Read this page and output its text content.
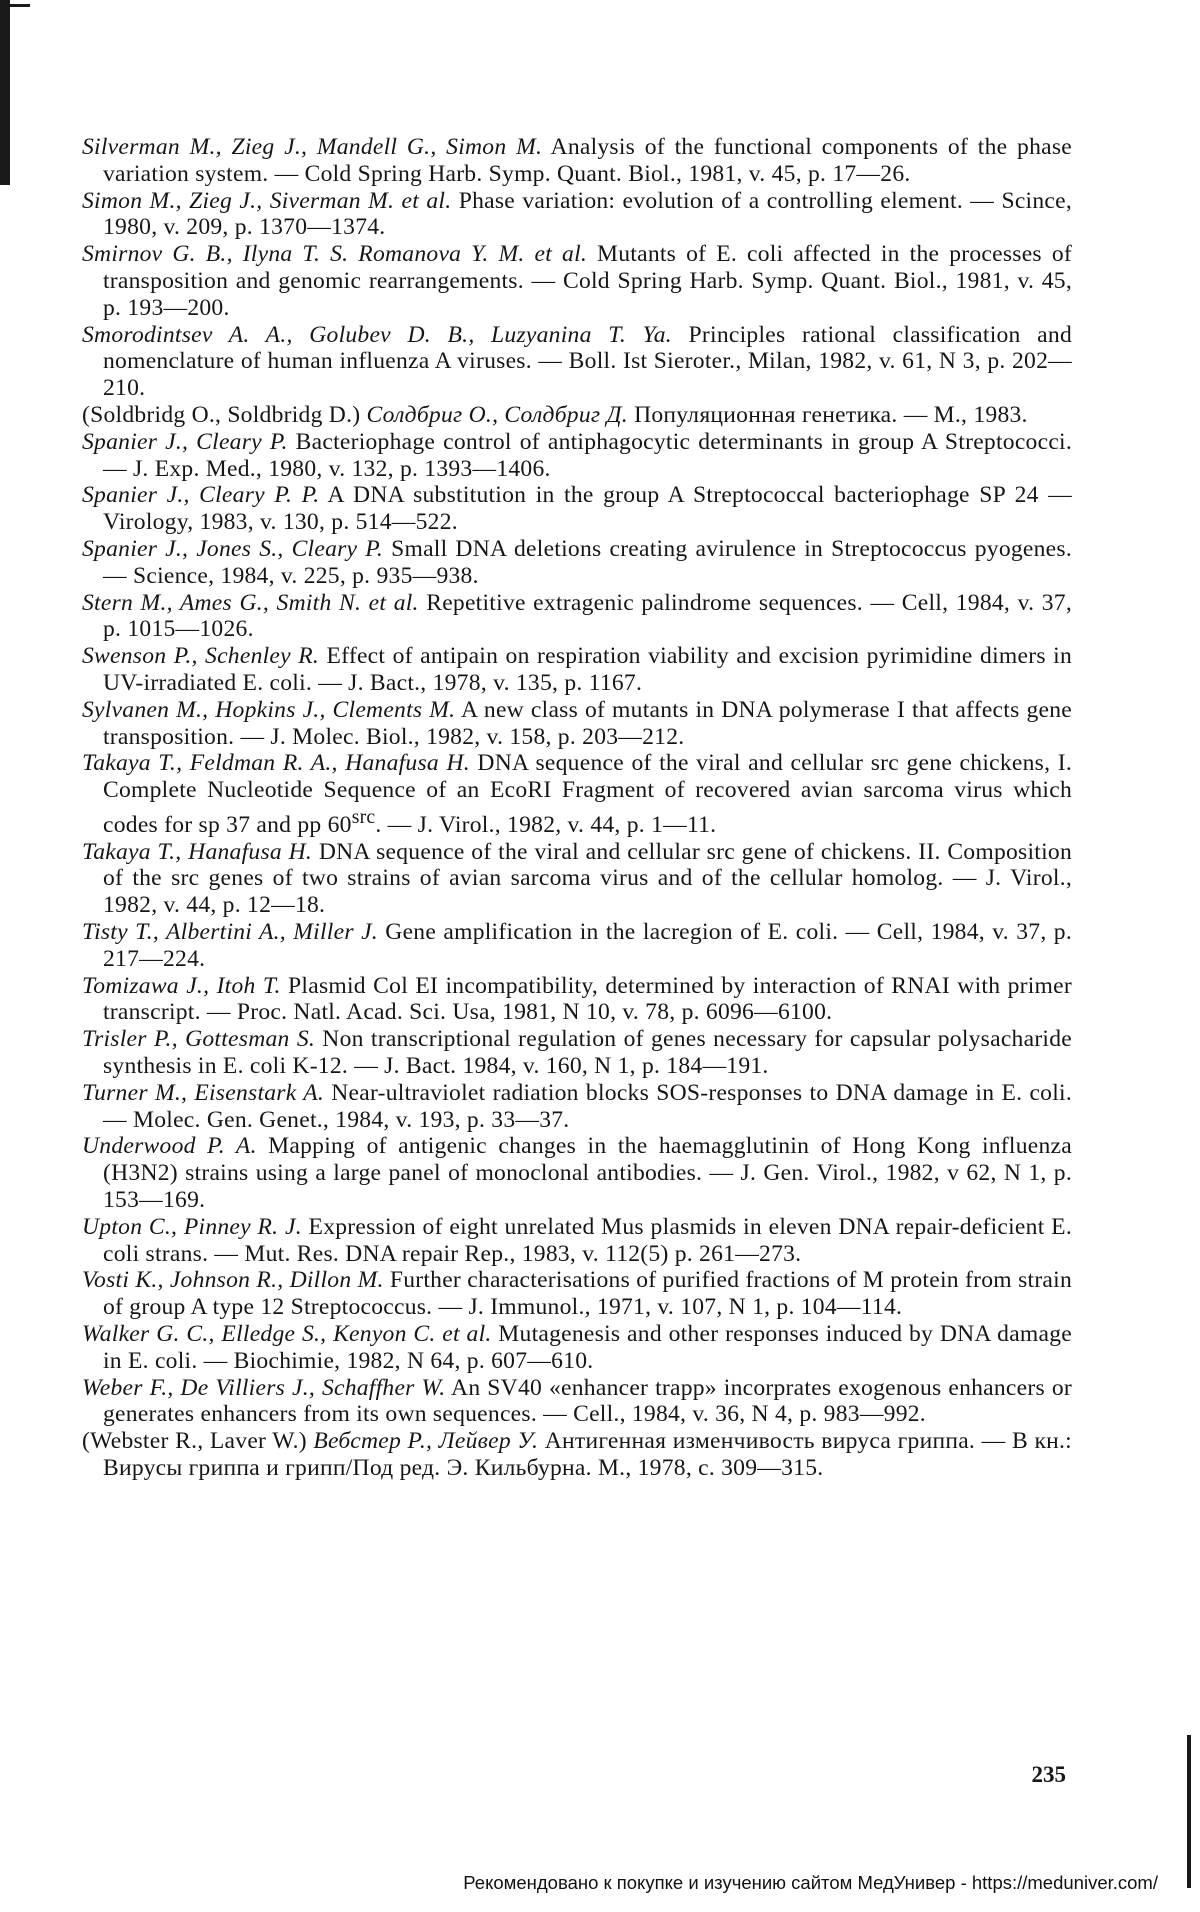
Silverman M., Zieg J., Mandell G., Simon M. Analysis of the functional components of the phase variation system. — Cold Spring Harb. Symp. Quant. Biol., 1981, v. 45, p. 17—26.

Simon M., Zieg J., Siverman M. et al. Phase variation: evolution of a controlling element. — Scince, 1980, v. 209, p. 1370—1374.

Smirnov G. B., Ilyna T. S. Romanova Y. M. et al. Mutants of E. coli affected in the processes of transposition and genomic rearrangements. — Cold Spring Harb. Symp. Quant. Biol., 1981, v. 45, p. 193—200.

Smorodintsev A. A., Golubev D. B., Luzyanina T. Ya. Principles rational classification and nomenclature of human influenza A viruses. — Boll. Ist Sieroter., Milan, 1982, v. 61, N 3, p. 202—210.

(Soldbridg O., Soldbridg D.) Солдбриг О., Солдбриг Д. Популяционная генетика. — М., 1983.

Spanier J., Cleary P. Bacteriophage control of antiphagocytic determinants in group A Streptococci. — J. Exp. Med., 1980, v. 132, p. 1393—1406.

Spanier J., Cleary P. P. A DNA substitution in the group A Streptococcal bacteriophage SP 24 — Virology, 1983, v. 130, p. 514—522.

Spanier J., Jones S., Cleary P. Small DNA deletions creating avirulence in Streptococcus pyogenes. — Science, 1984, v. 225, p. 935—938.

Stern M., Ames G., Smith N. et al. Repetitive extragenic palindrome sequences. — Cell, 1984, v. 37, p. 1015—1026.

Swenson P., Schenley R. Effect of antipain on respiration viability and excision pyrimidine dimers in UV-irradiated E. coli. — J. Bact., 1978, v. 135, p. 1167.

Sylvanen M., Hopkins J., Clements M. A new class of mutants in DNA polymerase I that affects gene transposition. — J. Molec. Biol., 1982, v. 158, p. 203—212.

Takaya T., Feldman R. A., Hanafusa H. DNA sequence of the viral and cellular src gene chickens, I. Complete Nucleotide Sequence of an EcoRI Fragment of recovered avian sarcoma virus which codes for sp 37 and pp $60^{src}$. — J. Virol., 1982, v. 44, p. 1—11.

Takaya T., Hanafusa H. DNA sequence of the viral and cellular src gene of chickens. II. Composition of the src genes of two strains of avian sarcoma virus and of the cellular homolog. — J. Virol., 1982, v. 44, p. 12—18.

Tisty T., Albertini A., Miller J. Gene amplification in the lacregion of E. coli. — Cell, 1984, v. 37, p. 217—224.

Tomizawa J., Itoh T. Plasmid Col EI incompatibility, determined by interaction of RNAI with primer transcript. — Proc. Natl. Acad. Sci. Usa, 1981, N 10, v. 78, p. 6096—6100.

Trisler P., Gottesman S. Non transcriptional regulation of genes necessary for capsular polysacharide synthesis in E. coli K-12. — J. Bact. 1984, v. 160, N 1, p. 184—191.

Turner M., Eisenstark A. Near-ultraviolet radiation blocks SOS-responses to DNA damage in E. coli. — Molec. Gen. Genet., 1984, v. 193, p. 33—37.

Underwood P. A. Mapping of antigenic changes in the haemagglutinin of Hong Kong influenza (H3N2) strains using a large panel of monoclonal antibodies. — J. Gen. Virol., 1982, v 62, N 1, p. 153—169.

Upton C., Pinney R. J. Expression of eight unrelated Mus plasmids in eleven DNA repair-deficient E. coli strans. — Mut. Res. DNA repair Rep., 1983, v. 112(5) p. 261—273.

Vosti K., Johnson R., Dillon M. Further characterisations of purified fractions of M protein from strain of group A type 12 Streptococcus. — J. Immunol., 1971, v. 107, N 1, p. 104—114.

Walker G. C., Elledge S., Kenyon C. et al. Mutagenesis and other responses induced by DNA damage in E. coli. — Biochimie, 1982, N 64, p. 607—610.

Weber F., De Villiers J., Schaffher W. An SV40 «enhancer trapp» incorprates exogenous enhancers or generates enhancers from its own sequences. — Cell., 1984, v. 36, N 4, p. 983—992.

(Webster R., Laver W.) Вебстер Р., Лейвер У. Антигенная изменчивость вируса гриппа. — В кн.: Вирусы гриппа и грипп/Под ред. Э. Кильбурна. М., 1978, с. 309—315.

235
Рекомендовано к покупке и изучению сайтом МедУнивер - https://meduniver.com/
